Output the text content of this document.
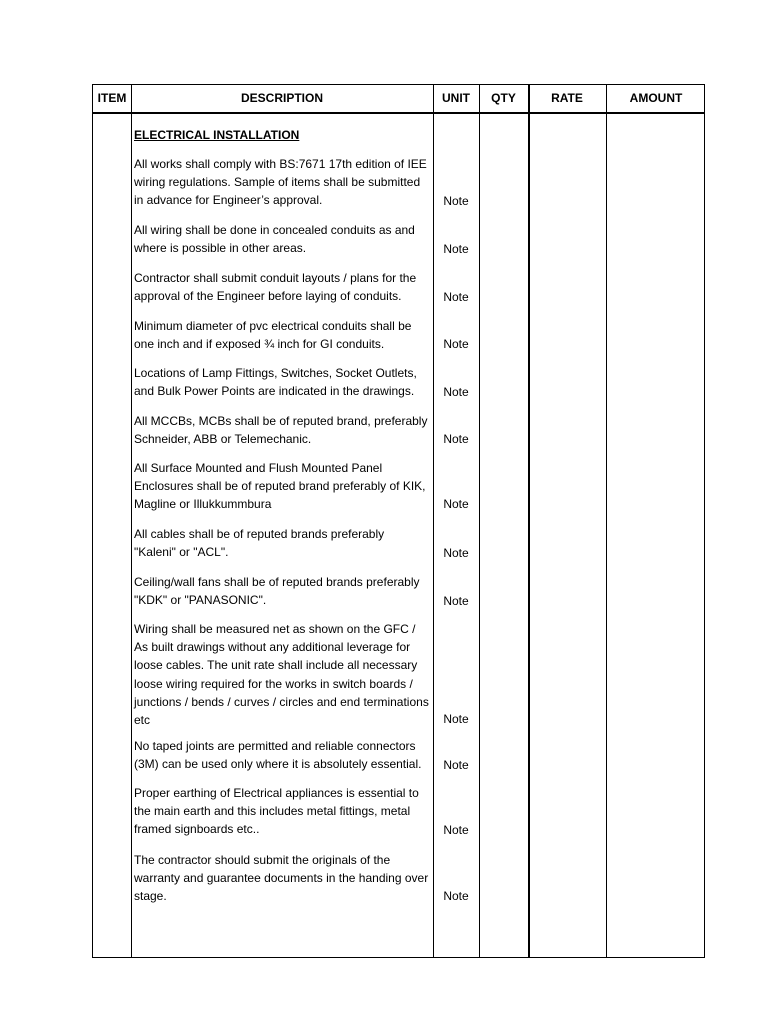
ITEM	DESCRIPTION	UNIT	QTY	RATE	AMOUNT
ELECTRICAL INSTALLATION
All works shall comply with BS:7671 17th edition of IEE wiring regulations. Sample of items shall be submitted in advance for Engineer’s approval.	Note
All wiring shall be done in concealed conduits as and where is possible in other areas.	Note
Contractor shall submit conduit layouts / plans for the approval of the Engineer before laying of conduits.	Note
Minimum diameter of pvc electrical conduits shall be one inch and if exposed ¾ inch for GI conduits.	Note
Locations of Lamp Fittings, Switches, Socket Outlets, and Bulk Power Points are indicated in the drawings.	Note
All MCCBs, MCBs shall be of reputed brand, preferably Schneider, ABB or Telemechanic.	Note
All Surface Mounted and Flush Mounted Panel Enclosures shall be of reputed brand preferably of KIK, Magline or Illukkummbura	Note
All cables shall be of reputed brands preferably "Kaleni" or "ACL".	Note
Ceiling/wall fans shall be of reputed brands preferably "KDK" or "PANASONIC".	Note
Wiring shall be measured net as shown on the GFC / As built drawings without any additional leverage for loose cables. The unit rate shall include all necessary loose wiring required for the works in switch boards / junctions / bends / curves / circles and end terminations etc	Note
No taped joints are permitted and reliable connectors (3M) can be used only where it is absolutely essential.	Note
Proper earthing of Electrical appliances is essential to the main earth and this includes metal fittings, metal framed signboards etc..	Note
The contractor should submit the originals of the warranty and guarantee documents in the handing over stage.	Note
